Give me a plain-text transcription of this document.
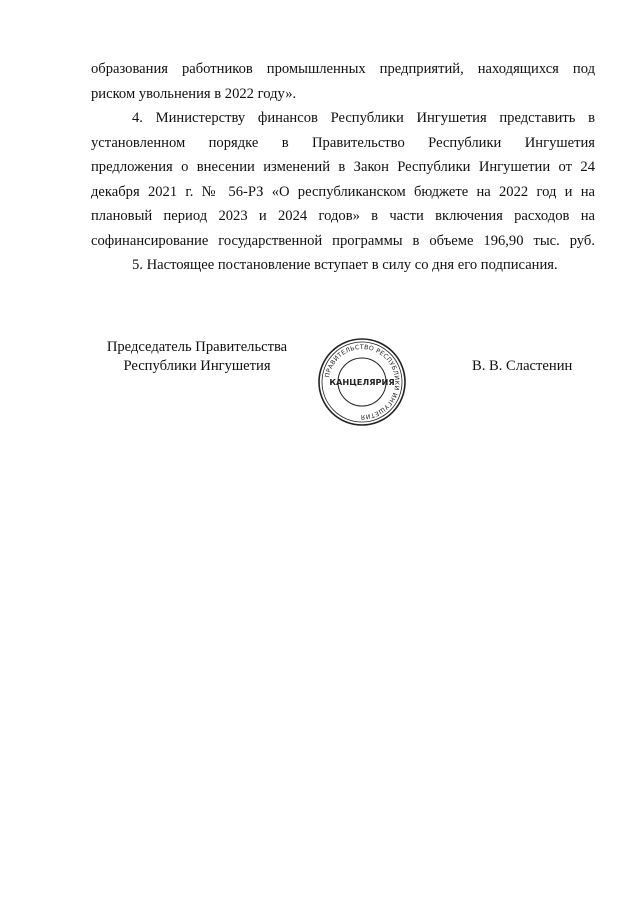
образования работников промышленных предприятий, находящихся под
риском увольнения в 2022 году».
4. Министерству финансов Республики Ингушетия представить в
установленном порядке в Правительство Республики Ингушетия
предложения о внесении изменений в Закон Республики Ингушетии от 24
декабря 2021 г. № 56-РЗ «О республиканском бюджете на 2022 год и на
плановый период 2023 и 2024 годов» в части включения расходов на
софинансирование государственной программы в объеме 196,90 тыс. руб.
5. Настоящее постановление вступает в силу со дня его подписания.
Председатель Правительства
Республики Ингушетия
ПРАВИТЕЛЬСТВО РЕСПУБЛИКИ ИНГУШЕТИЯ
КАНЦЕЛЯРИЯ
В. В. Сластенин
